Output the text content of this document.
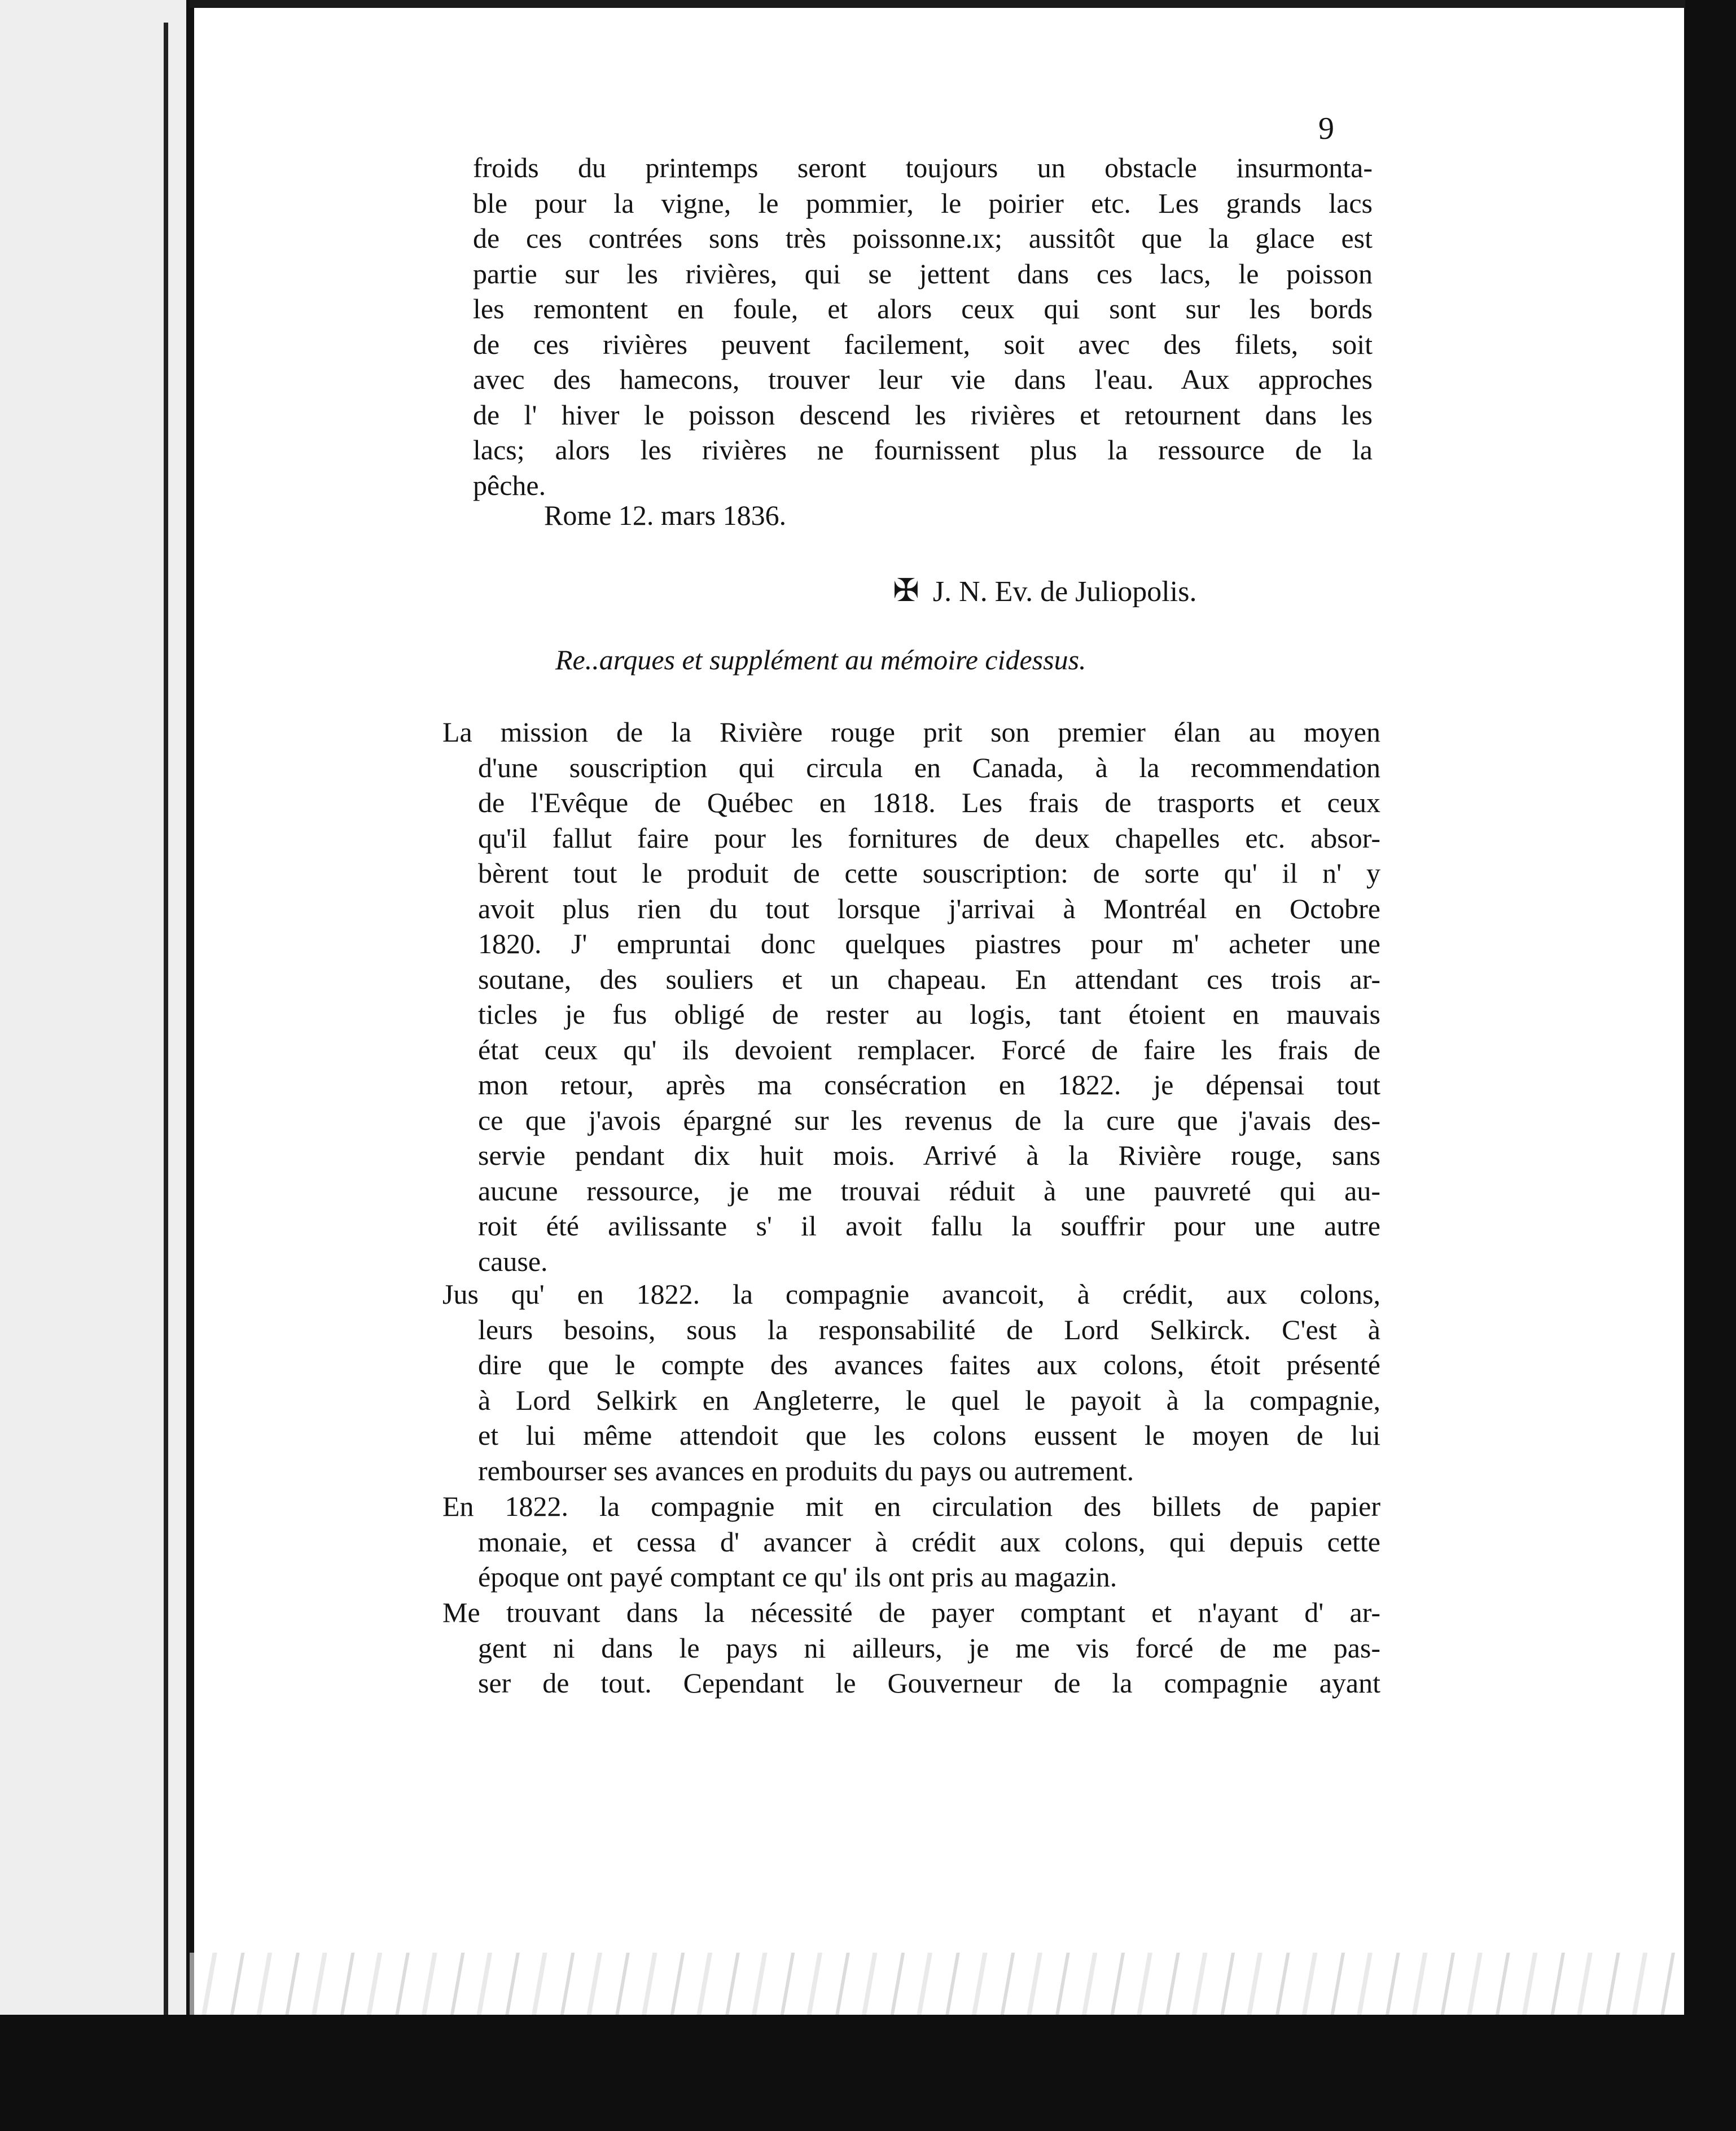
9
froids du printemps seront toujours un obstacle insurmonta-
ble pour la vigne, le pommier, le poirier etc. Les grands lacs
de ces contrées sons très poissonne.ıx; aussitôt que la glace est
partie sur les rivières, qui se jettent dans ces lacs, le poisson
les remontent en foule, et alors ceux qui sont sur les bords
de ces rivières peuvent facilement, soit avec des filets, soit
avec des hamecons, trouver leur vie dans l'eau. Aux approches
de l' hiver le poisson descend les rivières et retournent dans les
lacs; alors les rivières ne fournissent plus la ressource de la
pêche.
Rome 12. mars 1836.
✠ J. N. Ev. de Juliopolis.
Re..arques et supplément au mémoire cidessus.
La mission de la Rivière rouge prit son premier élan au moyen
d'une souscription qui circula en Canada, à la recommendation
de l'Evêque de Québec en 1818. Les frais de trasports et ceux
qu'il fallut faire pour les fornitures de deux chapelles etc. absor-
bèrent tout le produit de cette souscription: de sorte qu' il n' y
avoit plus rien du tout lorsque j'arrivai à Montréal en Octobre
1820. J' empruntai donc quelques piastres pour m' acheter une
soutane, des souliers et un chapeau. En attendant ces trois ar-
ticles je fus obligé de rester au logis, tant étoient en mauvais
état ceux qu' ils devoient remplacer. Forcé de faire les frais de
mon retour, après ma consécration en 1822. je dépensai tout
ce que j'avois épargné sur les revenus de la cure que j'avais des-
servie pendant dix huit mois. Arrivé à la Rivière rouge, sans
aucune ressource, je me trouvai réduit à une pauvreté qui au-
roit été avilissante s' il avoit fallu la souffrir pour une autre
cause.
Jus qu' en 1822. la compagnie avancoit, à crédit, aux colons,
leurs besoins, sous la responsabilité de Lord Selkirck. C'est à
dire que le compte des avances faites aux colons, étoit présenté
à Lord Selkirk en Angleterre, le quel le payoit à la compagnie,
et lui même attendoit que les colons eussent le moyen de lui
rembourser ses avances en produits du pays ou autrement.
En 1822. la compagnie mit en circulation des billets de papier
monaie, et cessa d' avancer à crédit aux colons, qui depuis cette
époque ont payé comptant ce qu' ils ont pris au magazin.
Me trouvant dans la nécessité de payer comptant et n'ayant d' ar-
gent ni dans le pays ni ailleurs, je me vis forcé de me pas-
ser de tout. Cependant le Gouverneur de la compagnie ayant
